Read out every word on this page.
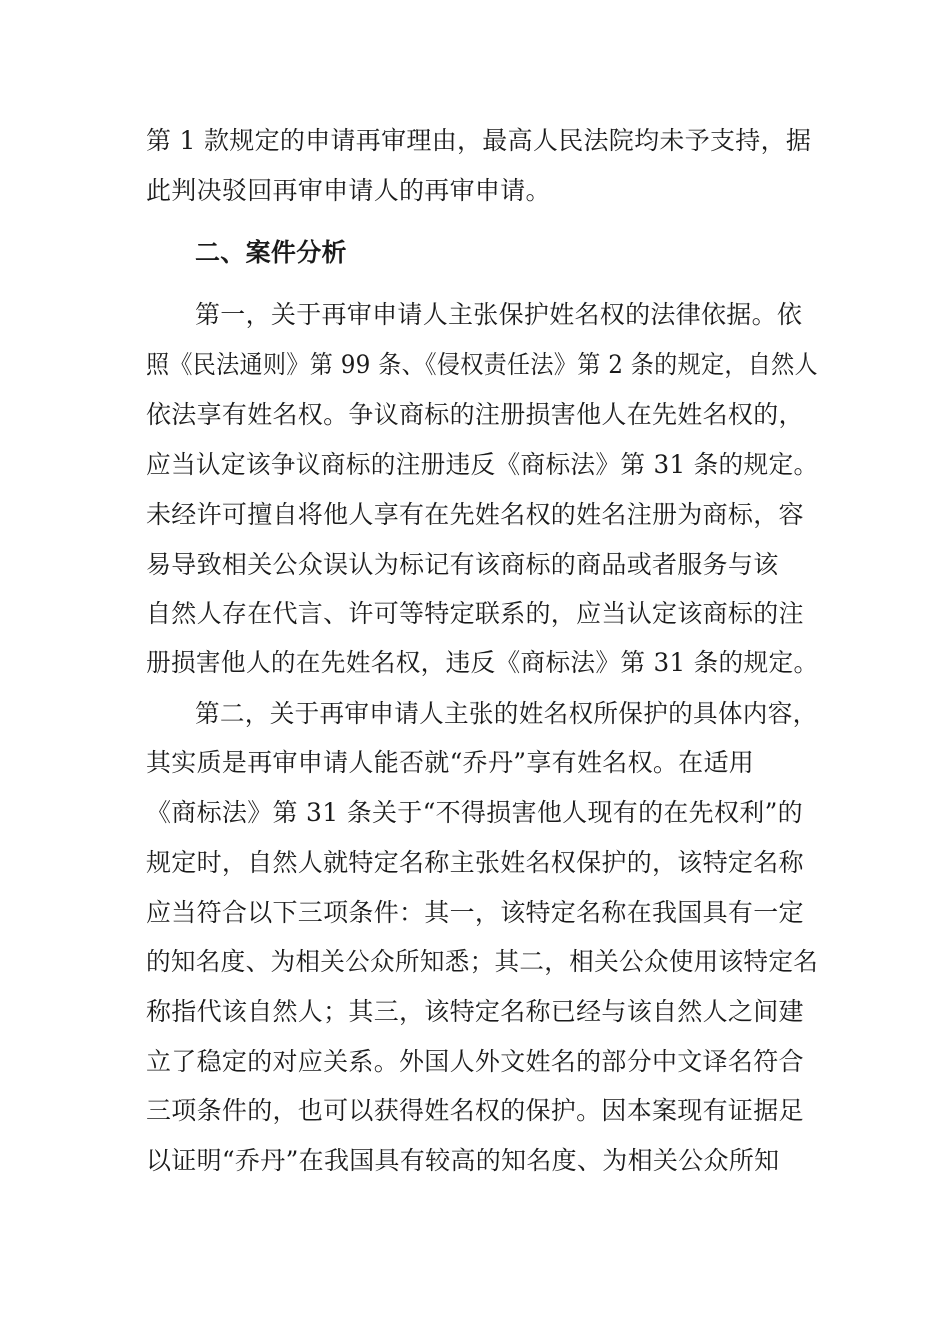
第 1 款规定的申请再审理由，最高人民法院均未予支持，据
此判决驳回再审申请人的再审申请。
二、案件分析
第一，关于再审申请人主张保护姓名权的法律依据。依
照《民法通则》第 99 条、《侵权责任法》第 2 条的规定，自然人
依法享有姓名权。争议商标的注册损害他人在先姓名权的，
应当认定该争议商标的注册违反《商标法》第 31 条的规定。
未经许可擅自将他人享有在先姓名权的姓名注册为商标，容
易导致相关公众误认为标记有该商标的商品或者服务与该
自然人存在代言、许可等特定联系的，应当认定该商标的注
册损害他人的在先姓名权，违反《商标法》第 31 条的规定。
第二，关于再审申请人主张的姓名权所保护的具体内容，
其实质是再审申请人能否就“乔丹”享有姓名权。在适用
《商标法》第 31 条关于“不得损害他人现有的在先权利”的
规定时，自然人就特定名称主张姓名权保护的，该特定名称
应当符合以下三项条件：其一，该特定名称在我国具有一定
的知名度、为相关公众所知悉；其二，相关公众使用该特定名
称指代该自然人；其三，该特定名称已经与该自然人之间建
立了稳定的对应关系。外国人外文姓名的部分中文译名符合
三项条件的，也可以获得姓名权的保护。因本案现有证据足
以证明“乔丹”在我国具有较高的知名度、为相关公众所知
